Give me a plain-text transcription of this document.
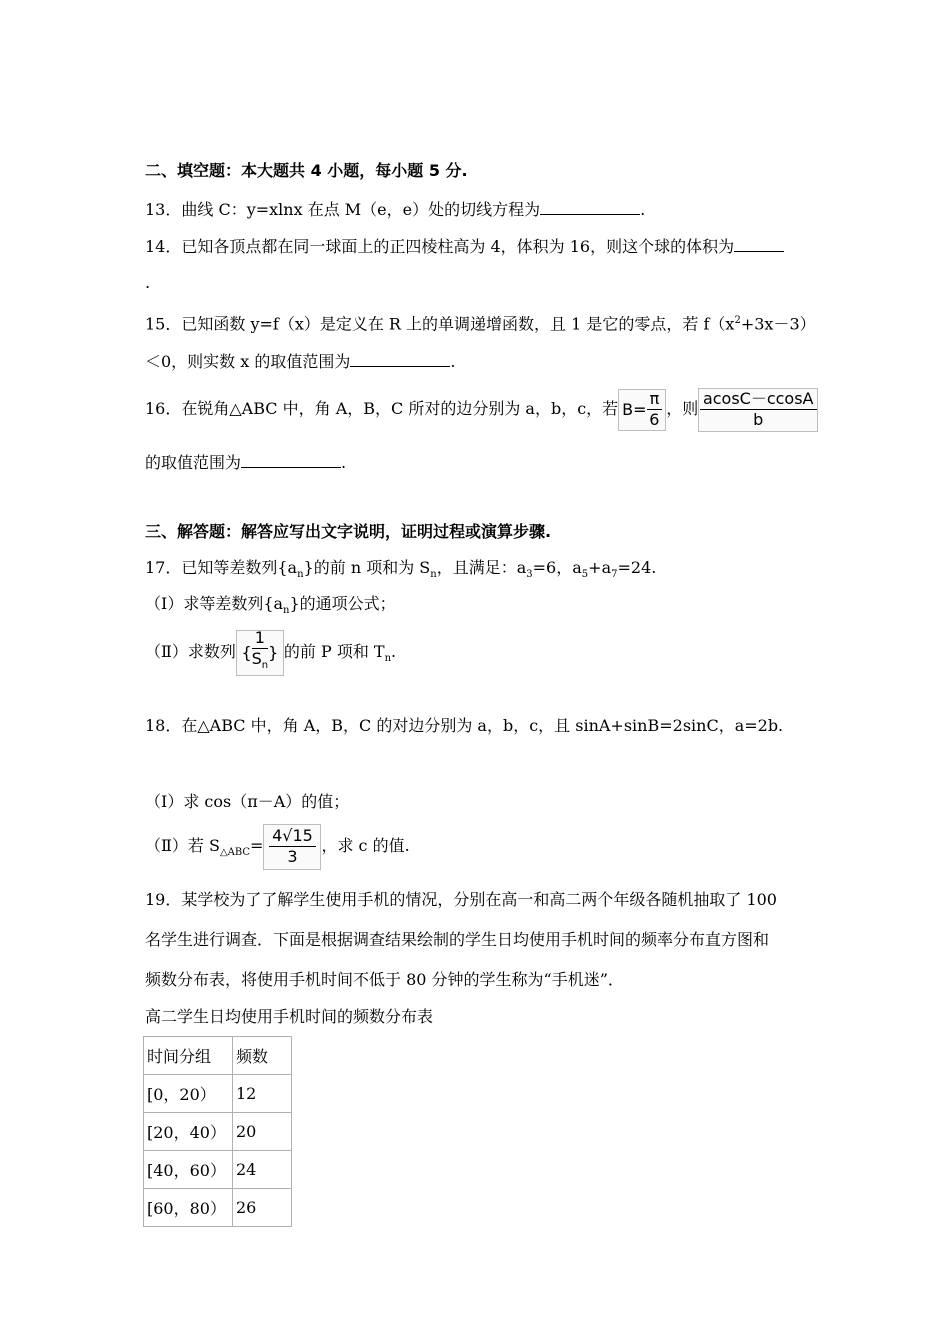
二、填空题：本大题共 4 小题，每小题 5 分.
13．曲线 C：y=xlnx 在点 M（e，e）处的切线方程为	.
14．已知各顶点都在同一球面上的正四棱柱高为 4，体积为 16，则这个球的体积为
.
15．已知函数 y=f（x）是定义在 R 上的单调递增函数，且 1 是它的零点，若 $f(x^2+3x-3)$
＜0，则实数 x 的取值范围为	.
16．在锐角△ABC 中，角 A，B，C 所对的边分别为 a，b，c，若 $B= \frac{\pi}{6}$ ，则 $\frac{acosC-ccosA}{b}$
的取值范围为	.
三、解答题：解答应写出文字说明，证明过程或演算步骤.
17．已知等差数列$\{a_n\}$的前 n 项和为 $S_n$，且满足：$a_3=6$，$a_5+a_7=24$.
（Ⅰ）求等差数列$\{a_n\}$的通项公式；
（Ⅱ）求数列 { $\frac{1}{S_n}$ } 的前 P 项和 $T_n$.
18．在△ABC 中，角 A，B，C 的对边分别为 a，b，c，且 sinA+sinB=2sinC，a=2b.
（Ⅰ）求 cos（π－A）的值；
（Ⅱ）若 $S_{\triangle ABC}= \frac{4√15}{3}$ ，求 c 的值.
19．某学校为了了解学生使用手机的情况，分别在高一和高二两个年级各随机抽取了 100
名学生进行调查．下面是根据调查结果绘制的学生日均使用手机时间的频率分布直方图和
频数分布表，将使用手机时间不低于 80 分钟的学生称为“手机迷”．
高二学生日均使用手机时间的频数分布表
时间分组	频数
[0，20）	12
[20，40）	20
[40，60）	24
[60，80）	26
